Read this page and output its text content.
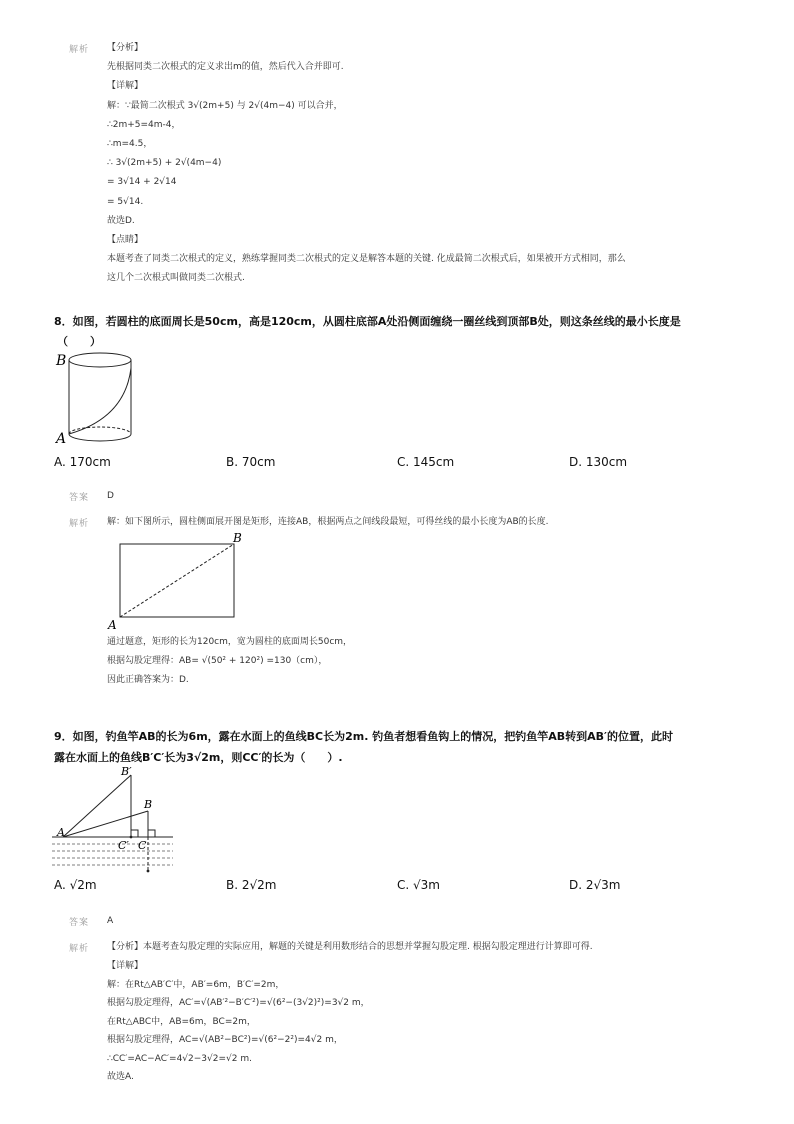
解析 【分析】
先根据同类二次根式的定义求出m的值，然后代入合并即可.
【详解】
解：∵最简二次根式 3√(2m+5) 与 2√(4m−4) 可以合并，
∴2m+5=4m-4，
∴m=4.5，
∴ 3√(2m+5) + 2√(4m−4)
= 3√14 + 2√14
= 5√14.
故选D.
【点睛】
本题考查了同类二次根式的定义，熟练掌握同类二次根式的定义是解答本题的关键. 化成最简二次根式后，如果被开方式相同，那么
这几个二次根式叫做同类二次根式.
8．如图，若圆柱的底面周长是50cm，高是120cm，从圆柱底部A处沿侧面缠绕一圈丝线到顶部B处，则这条丝线的最小长度是
（　　）
B
A
A. 170cm	B. 70cm	C. 145cm	D. 130cm
答案 D
解析 解：如下图所示，圆柱侧面展开图是矩形，连接AB，根据两点之间线段最短，可得丝线的最小长度为AB的长度.
B
A
通过题意，矩形的长为120cm，宽为圆柱的底面周长50cm，
根据勾股定理得：AB= √(50² + 120²) =130（cm），
因此正确答案为：D.
9．如图，钓鱼竿AB的长为6m，露在水面上的鱼线BC长为2m. 钓鱼者想看鱼钩上的情况，把钓鱼竿AB转到AB′的位置，此时
露在水面上的鱼线B′C′长为3√2m，则CC′的长为（　　）.
B′
B
A
C′ C
A. √2m	B. 2√2m	C. √3m	D. 2√3m
答案 A
解析 【分析】本题考查勾股定理的实际应用，解题的关键是利用数形结合的思想并掌握勾股定理. 根据勾股定理进行计算即可得.
【详解】
解：在Rt△AB′C′中，AB′=6m，B′C′=2m，
根据勾股定理得，AC′=√(AB′²−B′C′²)=√(6²−(3√2)²)=3√2 m，
在Rt△ABC中，AB=6m，BC=2m，
根据勾股定理得，AC=√(AB²−BC²)=√(6²−2²)=4√2 m，
∴CC′=AC−AC′=4√2−3√2=√2 m.
故选A.
